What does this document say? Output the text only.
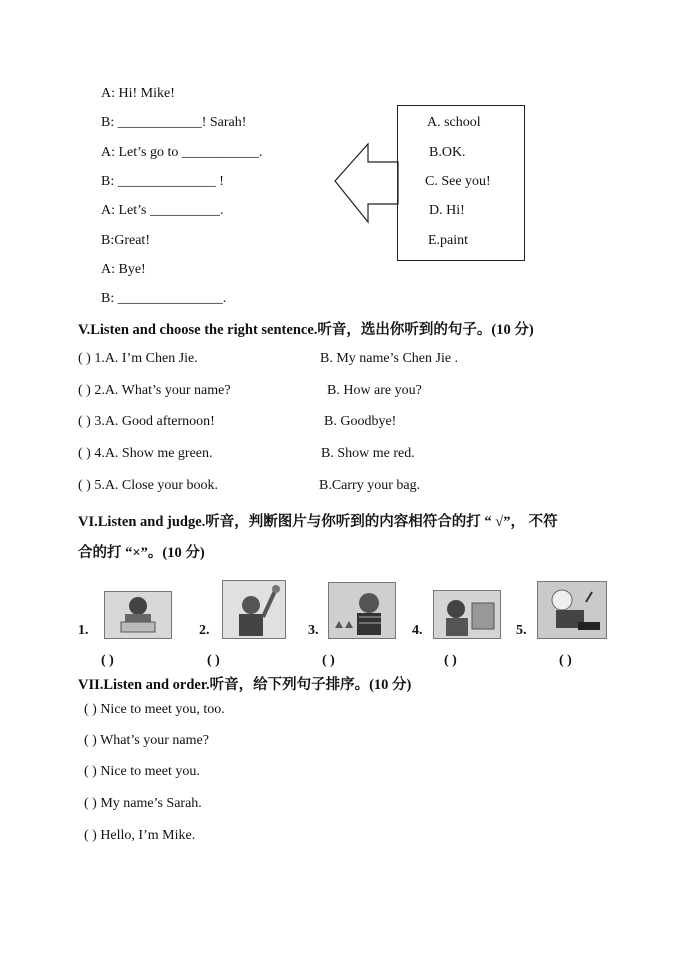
A: Hi! Mike!
B: ____________! Sarah!
A: Let’s go to ___________.
B: ______________ !
A: Let’s __________.
B:Great!
A: Bye!
B: _______________.
A. school
B.OK.
C. See you!
D. Hi!
E.paint
V.Listen and choose the right sentence.听音，选出你听到的句子。(10 分)
( ) 1.A. I’m Chen Jie.	B. My name’s Chen Jie .
( ) 2.A. What’s your name?	B. How are you?
( ) 3.A. Good afternoon!	B. Goodbye!
( ) 4.A. Show me green.	B. Show me red.
( ) 5.A. Close your book.	B.Carry your bag.
VI.Listen and judge.听音，判断图片与你听到的内容相符合的打 “ √”， 不符
合的打 “×”。(10 分)
1.	2.	3.	4.	5.
( )	( )	( )	( )	( )
VII.Listen and order.听音，给下列句子排序。(10 分)
( ) Nice to meet you, too.
( ) What’s your name?
( ) Nice to meet you.
( ) My name’s Sarah.
( ) Hello, I’m Mike.
